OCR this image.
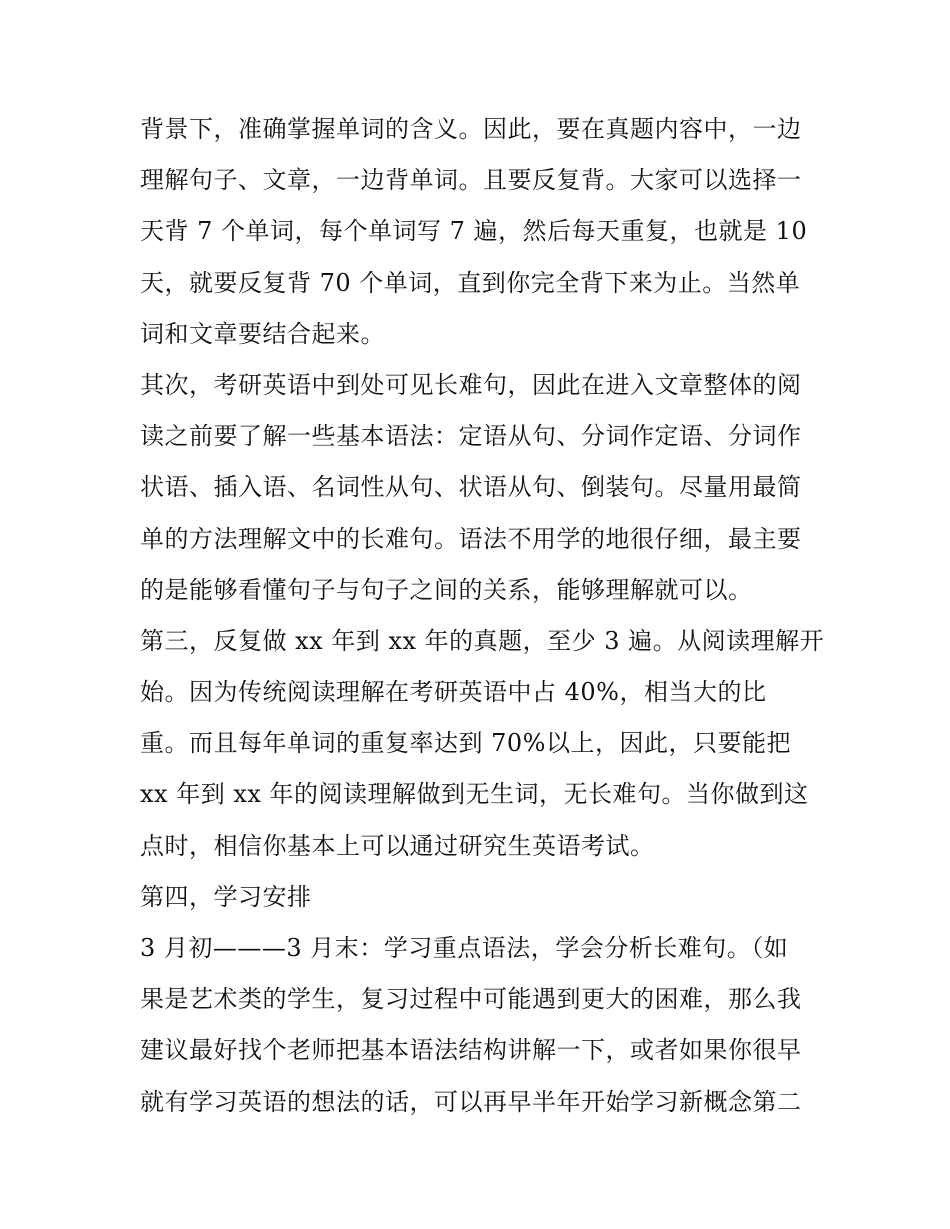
背景下，准确掌握单词的含义。因此，要在真题内容中，一边
理解句子、文章，一边背单词。且要反复背。大家可以选择一
天背 7 个单词，每个单词写 7 遍，然后每天重复，也就是 10
天，就要反复背 70 个单词，直到你完全背下来为止。当然单
词和文章要结合起来。
其次，考研英语中到处可见长难句，因此在进入文章整体的阅
读之前要了解一些基本语法：定语从句、分词作定语、分词作
状语、插入语、名词性从句、状语从句、倒装句。尽量用最简
单的方法理解文中的长难句。语法不用学的地很仔细，最主要
的是能够看懂句子与句子之间的关系，能够理解就可以。
第三，反复做 xx 年到 xx 年的真题，至少 3 遍。从阅读理解开
始。因为传统阅读理解在考研英语中占 40%，相当大的比
重。而且每年单词的重复率达到 70%以上，因此，只要能把
xx 年到 xx 年的阅读理解做到无生词，无长难句。当你做到这
点时，相信你基本上可以通过研究生英语考试。
第四，学习安排
3 月初———3 月末：学习重点语法，学会分析长难句。（如
果是艺术类的学生，复习过程中可能遇到更大的困难，那么我
建议最好找个老师把基本语法结构讲解一下，或者如果你很早
就有学习英语的想法的话，可以再早半年开始学习新概念第二
